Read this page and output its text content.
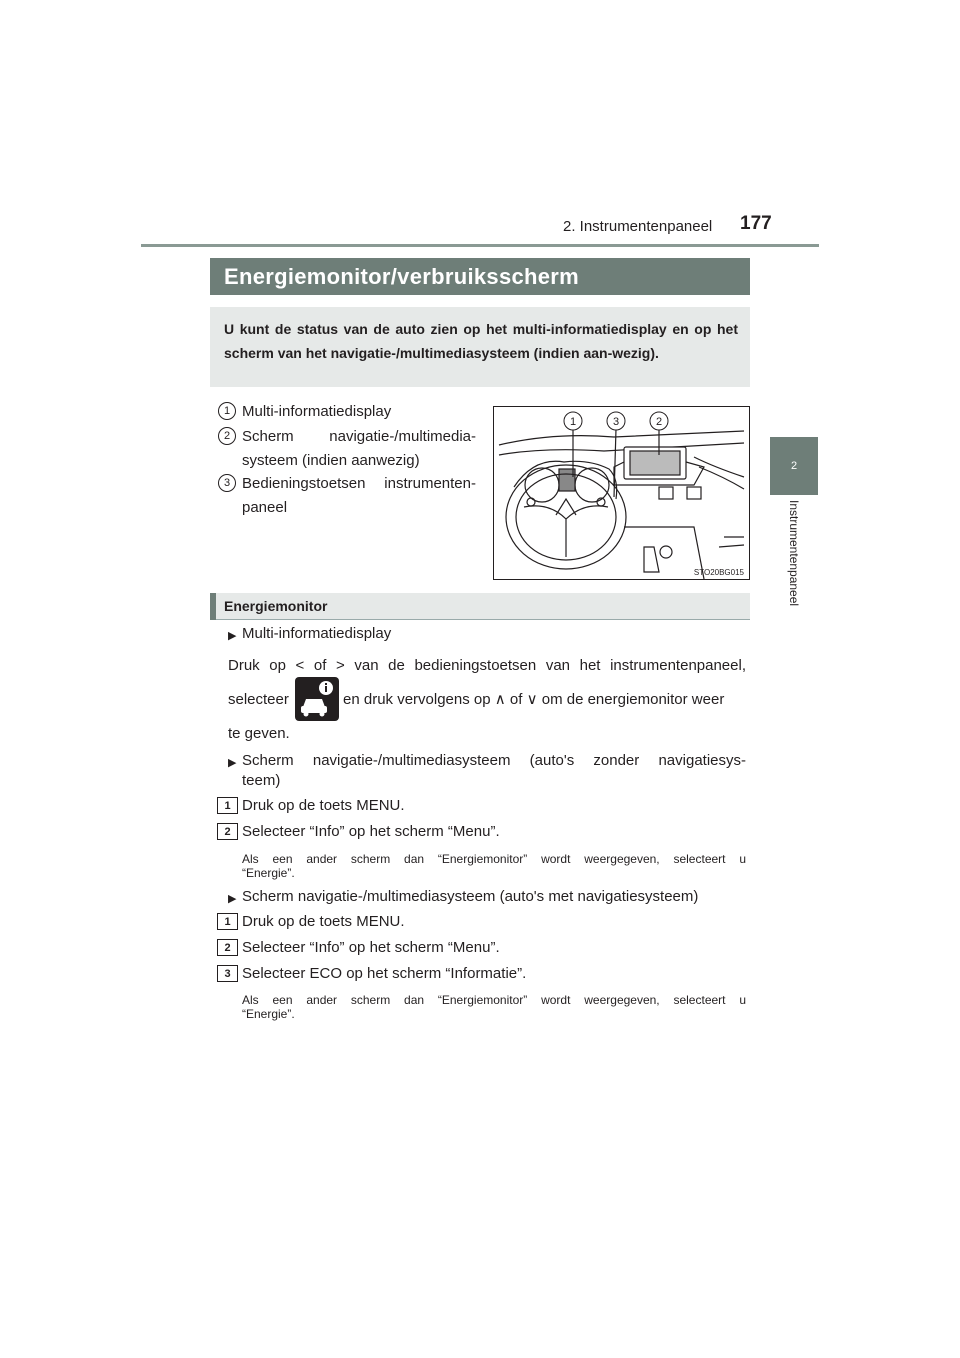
2. Instrumentenpaneel 177
2
Instrumentenpaneel
Energiemonitor/verbruiksscherm
U kunt de status van de auto zien op het multi-informatiedisplay en op het scherm van het navigatie-/multimediasysteem (indien aan-wezig).
1 Multi-informatiedisplay
2 Scherm navigatie-/multimedia-
systeem (indien aanwezig)
3 Bedieningstoetsen instrumenten-
paneel
1	3	2
STO20BG015
Energiemonitor
▶ Multi-informatiedisplay
Druk op < of > van de bedieningstoetsen van het instrumentenpaneel,
selecteer	en druk vervolgens op ∧ of ∨ om de energiemonitor weer
te geven.
▶ Scherm navigatie-/multimediasysteem (auto's zonder navigatiesys-
teem)
1 Druk op de toets MENU.
2 Selecteer “Info” op het scherm “Menu”.
Als een ander scherm dan “Energiemonitor” wordt weergegeven, selecteert u
“Energie”.
▶ Scherm navigatie-/multimediasysteem (auto's met navigatiesysteem)
1 Druk op de toets MENU.
2 Selecteer “Info” op het scherm “Menu”.
3 Selecteer ECO op het scherm “Informatie”.
Als een ander scherm dan “Energiemonitor” wordt weergegeven, selecteert u
“Energie”.
